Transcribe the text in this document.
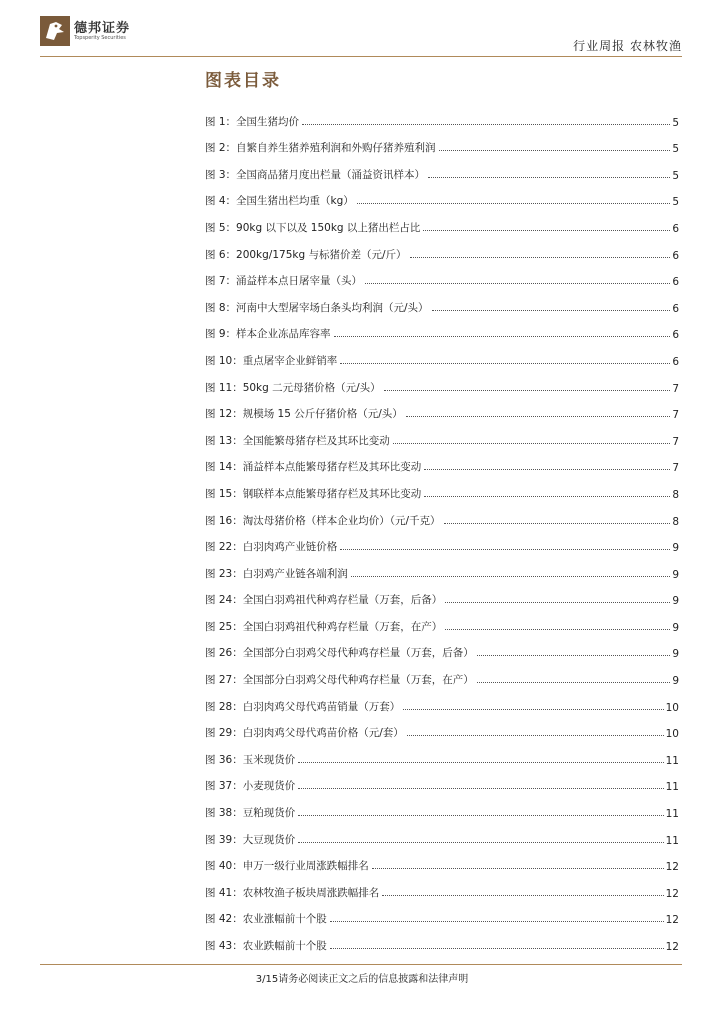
德邦证券
Topsperity Securities
行业周报 农林牧渔
图表目录
图 1：全国生猪均价	5
图 2：自繁自养生猪养殖利润和外购仔猪养殖利润	5
图 3：全国商品猪月度出栏量（涌益资讯样本）	5
图 4：全国生猪出栏均重（kg）	5
图 5：90kg 以下以及 150kg 以上猪出栏占比	6
图 6：200kg/175kg 与标猪价差（元/斤）	6
图 7：涌益样本点日屠宰量（头）	6
图 8：河南中大型屠宰场白条头均利润（元/头）	6
图 9：样本企业冻品库容率	6
图 10：重点屠宰企业鲜销率	6
图 11：50kg 二元母猪价格（元/头）	7
图 12：规模场 15 公斤仔猪价格（元/头）	7
图 13：全国能繁母猪存栏及其环比变动	7
图 14：涌益样本点能繁母猪存栏及其环比变动	7
图 15：钢联样本点能繁母猪存栏及其环比变动	8
图 16：淘汰母猪价格（样本企业均价）（元/千克）	8
图 22：白羽肉鸡产业链价格	9
图 23：白羽鸡产业链各端利润	9
图 24：全国白羽鸡祖代种鸡存栏量（万套，后备）	9
图 25：全国白羽鸡祖代种鸡存栏量（万套，在产）	9
图 26：全国部分白羽鸡父母代种鸡存栏量（万套，后备）	9
图 27：全国部分白羽鸡父母代种鸡存栏量（万套，在产）	9
图 28：白羽肉鸡父母代鸡苗销量（万套）	10
图 29：白羽肉鸡父母代鸡苗价格（元/套）	10
图 36：玉米现货价	11
图 37：小麦现货价	11
图 38：豆粕现货价	11
图 39：大豆现货价	11
图 40：申万一级行业周涨跌幅排名	12
图 41：农林牧渔子板块周涨跌幅排名	12
图 42：农业涨幅前十个股	12
图 43：农业跌幅前十个股	12
3/15请务必阅读正文之后的信息披露和法律声明
